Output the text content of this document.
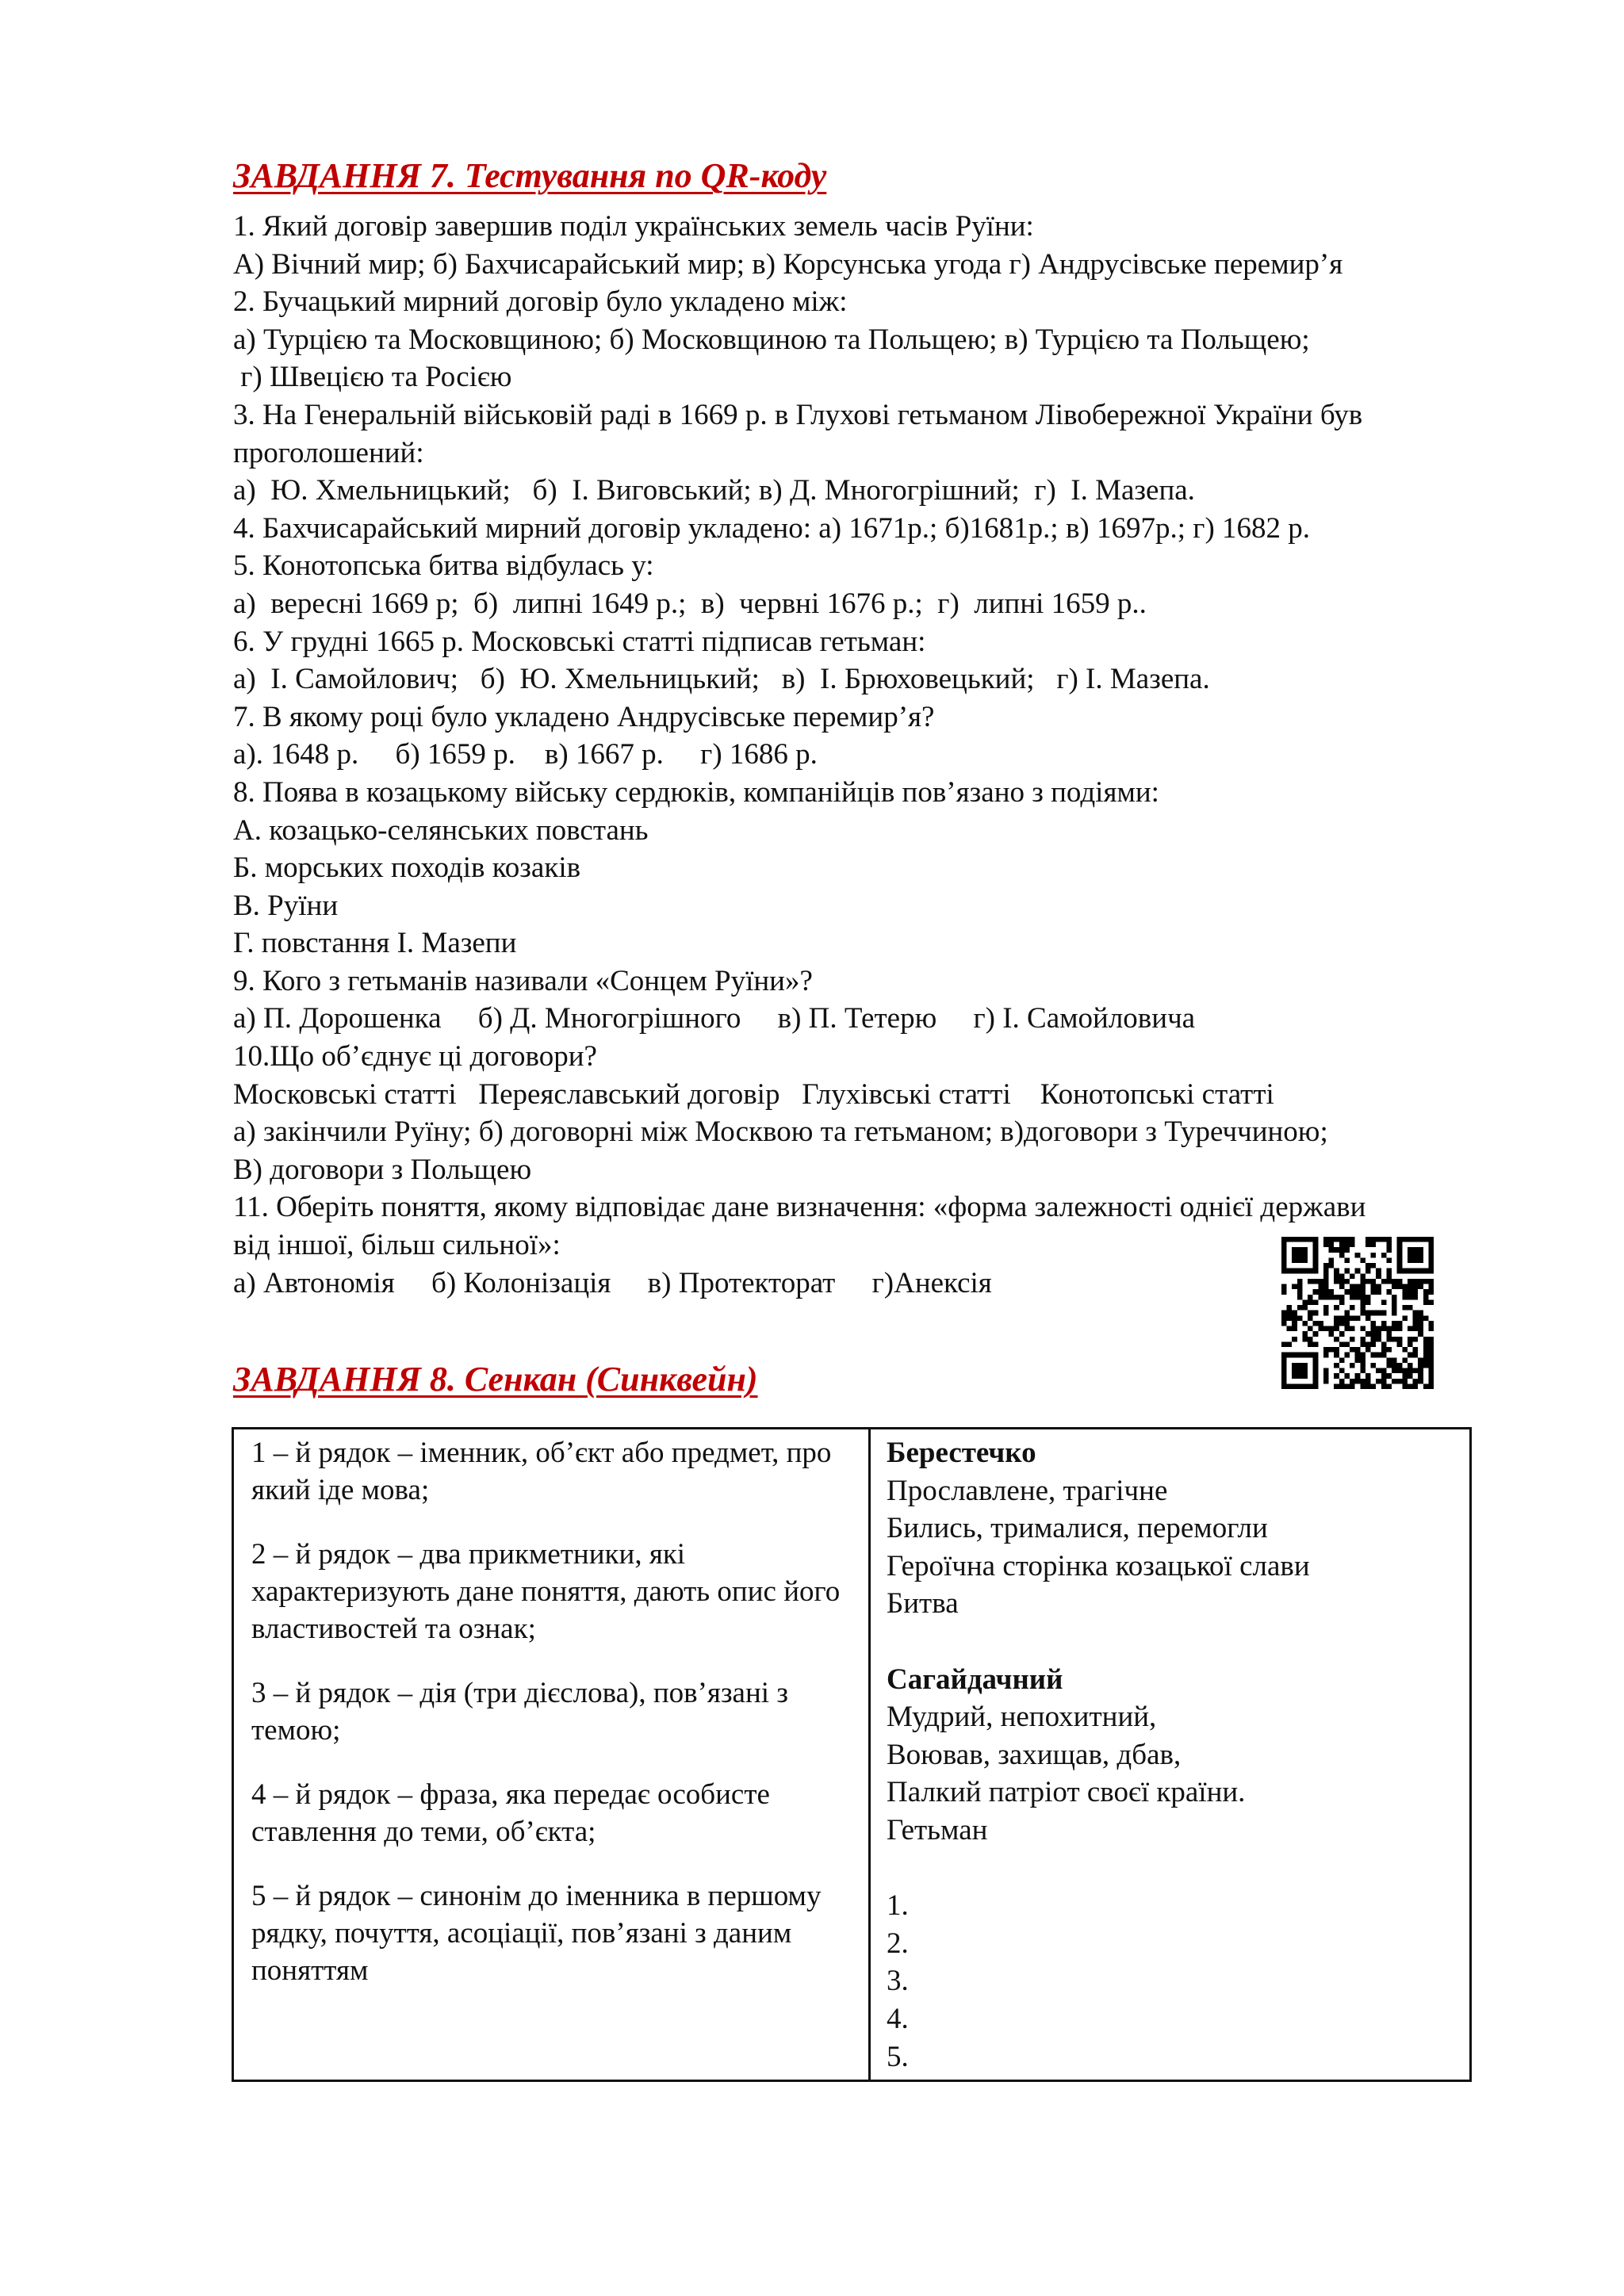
ЗАВДАННЯ 7. Тестування по QR-коду
1. Який договір завершив поділ українських земель часів Руїни:
А) Вічний мир; б) Бахчисарайський мир; в) Корсунська угода г) Андрусівське перемир’я
2. Бучацький мирний договір було укладено між:
а) Турцією та Московщиною; б) Московщиною та Польщею; в) Турцією та Польщею;
г) Швецією та Росією
3. На Генеральній військовій раді в 1669 р. в Глухові гетьманом Лівобережної України був
проголошений:
а)  Ю. Хмельницький;   б)  І. Виговський; в) Д. Многогрішний;  г)  І. Мазепа.
4. Бахчисарайський мирний договір укладено: а) 1671р.; б)1681р.; в) 1697р.; г) 1682 р.
5. Конотопська битва відбулась у:
а)  вересні 1669 р;  б)  липні 1649 р.;  в)  червні 1676 р.;  г)  липні 1659 р..
6. У грудні 1665 р. Московські статті підписав гетьман:
а)  І. Самойлович;   б)  Ю. Хмельницький;   в)  І. Брюховецький;   г) І. Мазепа.
7. В якому році було укладено Андрусівське перемир’я?
а). 1648 р.     б) 1659 р.    в) 1667 р.     г) 1686 р.
8. Поява в козацькому війську сердюків, компанійців пов’язано з подіями:
А. козацько-селянських повстань
Б. морських походів козаків
В. Руїни
Г. повстання І. Мазепи
9. Кого з гетьманів називали «Сонцем Руїни»?
а) П. Дорошенка     б) Д. Многогрішного     в) П. Тетерю     г) І. Самойловича
10.Що об’єднує ці договори?
Московські статті   Переяславський договір   Глухівські статті    Конотопські статті
а) закінчили Руїну; б) договорні між Москвою та гетьманом; в)договори з Туреччиною;
В) договори з Польщею
11. Оберіть поняття, якому відповідає дане визначення: «форма залежності однієї держави
від іншої, більш сильної»:
а) Автономія     б) Колонізація     в) Протекторат     г)Анексія
ЗАВДАННЯ 8. Сенкан (Синквейн)

1 – й рядок – іменник, об’єкт або предмет, про який іде мова;

2 – й рядок – два прикметники, які характеризують дане поняття, дають опис його властивостей та ознак;

3 – й рядок – дія (три дієслова), пов’язані з темою;

4 – й рядок – фраза, яка передає особисте ставлення до теми, об’єкта;

5 – й рядок – синонім до іменника в першому рядку, почуття, асоціації, пов’язані з даним поняттям

Берестечко
Прославлене, трагічне
Бились, трималися, перемогли
Героїчна сторінка козацької слави
Битва
Сагайдачний
Мудрий, непохитний,
Воював, захищав, дбав,
Палкий патріот своєї країни.
Гетьман
1.
2.
3.
4.
5.
